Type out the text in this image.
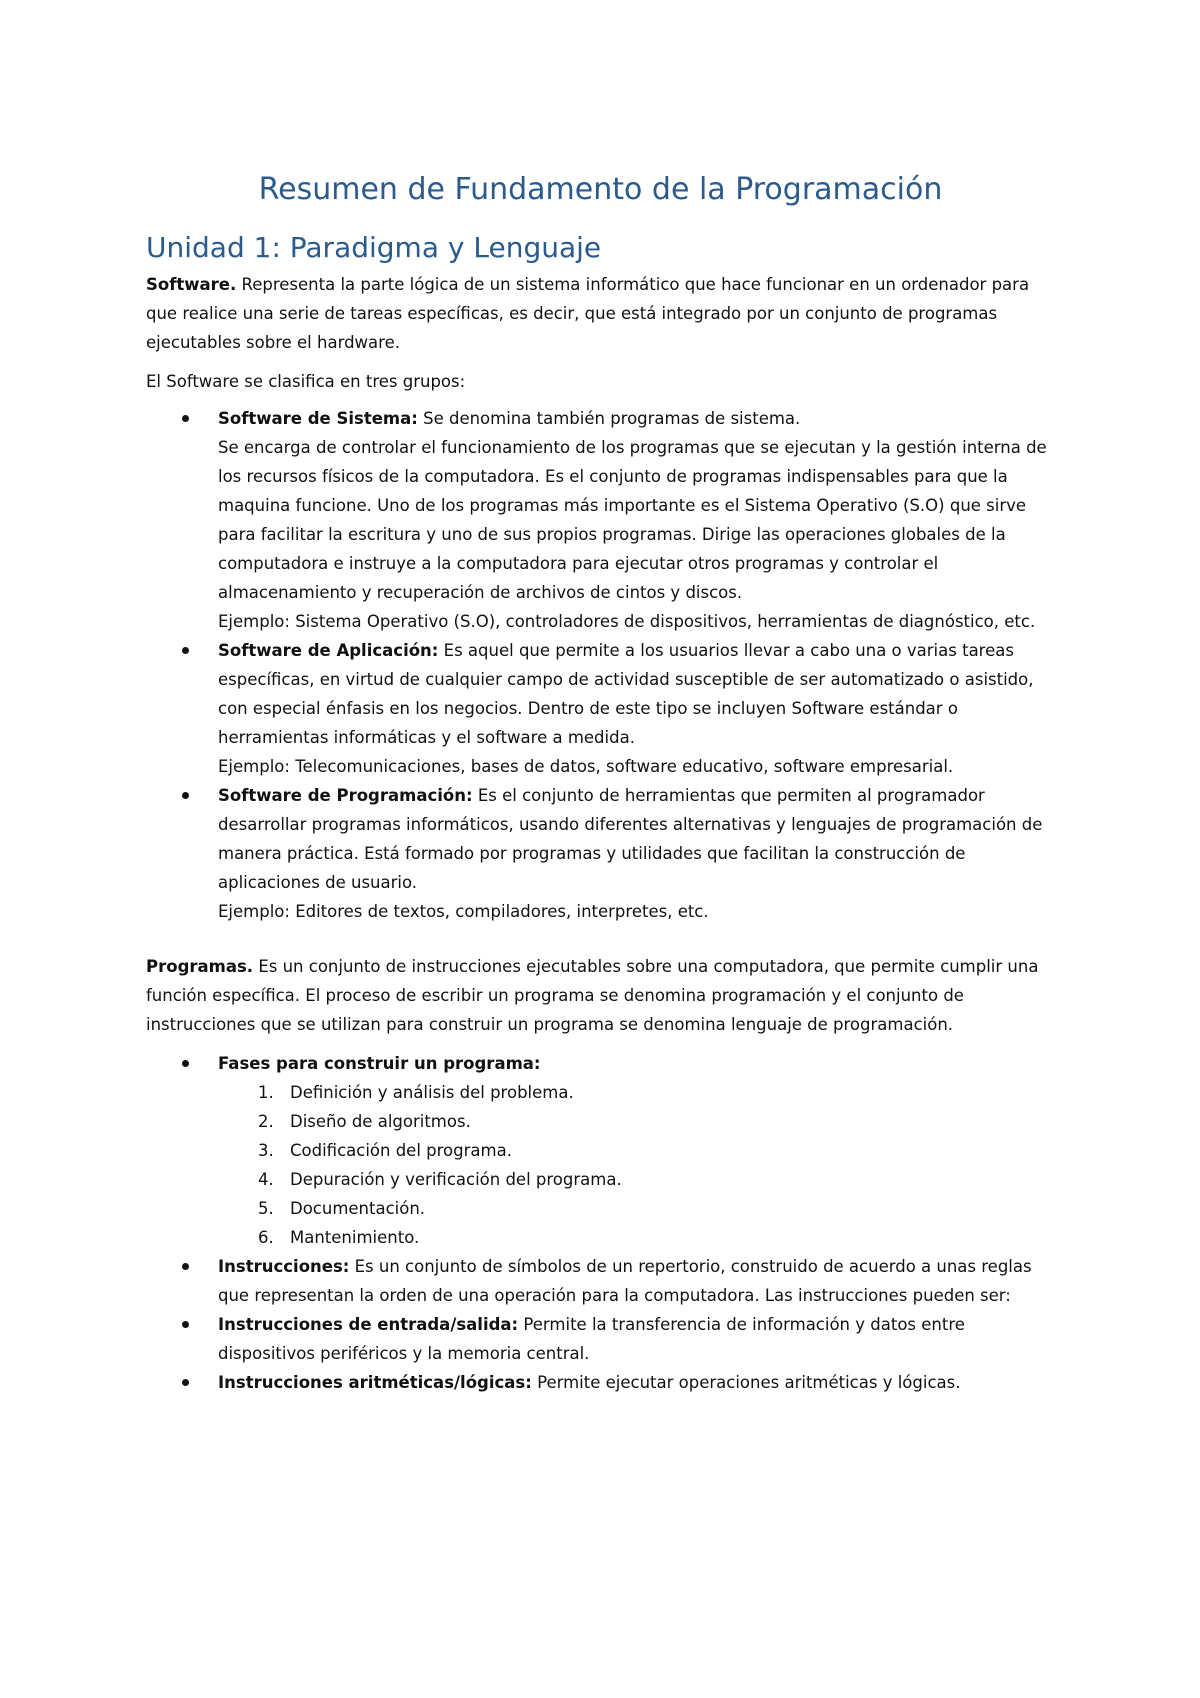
Resumen de Fundamento de la Programación
Unidad 1: Paradigma y Lenguaje

Software. Representa la parte lógica de un sistema informático que hace funcionar en un ordenador para que realice una serie de tareas específicas, es decir, que está integrado por un conjunto de programas ejecutables sobre el hardware.

El Software se clasifica en tres grupos:

Software de Sistema: Se denomina también programas de sistema.
Se encarga de controlar el funcionamiento de los programas que se ejecutan y la gestión interna de los recursos físicos de la computadora. Es el conjunto de programas indispensables para que la maquina funcione. Uno de los programas más importante es el Sistema Operativo (S.O) que sirve para facilitar la escritura y uno de sus propios programas. Dirige las operaciones globales de la computadora e instruye a la computadora para ejecutar otros programas y controlar el almacenamiento y recuperación de archivos de cintos y discos.
Ejemplo: Sistema Operativo (S.O), controladores de dispositivos, herramientas de diagnóstico, etc.
Software de Aplicación: Es aquel que permite a los usuarios llevar a cabo una o varias tareas específicas, en virtud de cualquier campo de actividad susceptible de ser automatizado o asistido, con especial énfasis en los negocios. Dentro de este tipo se incluyen Software estándar o herramientas informáticas y el software a medida.
Ejemplo: Telecomunicaciones, bases de datos, software educativo, software empresarial.
Software de Programación: Es el conjunto de herramientas que permiten al programador desarrollar programas informáticos, usando diferentes alternativas y lenguajes de programación de manera práctica. Está formado por programas y utilidades que facilitan la construcción de aplicaciones de usuario.
Ejemplo: Editores de textos, compiladores, interpretes, etc.

Programas. Es un conjunto de instrucciones ejecutables sobre una computadora, que permite cumplir una función específica. El proceso de escribir un programa se denomina programación y el conjunto de instrucciones que se utilizan para construir un programa se denomina lenguaje de programación.

Fases para construir un programa:
1. Definición y análisis del problema.
2. Diseño de algoritmos.
3. Codificación del programa.
4. Depuración y verificación del programa.
5. Documentación.
6. Mantenimiento.
Instrucciones: Es un conjunto de símbolos de un repertorio, construido de acuerdo a unas reglas que representan la orden de una operación para la computadora. Las instrucciones pueden ser:
Instrucciones de entrada/salida: Permite la transferencia de información y datos entre dispositivos periféricos y la memoria central.
Instrucciones aritméticas/lógicas: Permite ejecutar operaciones aritméticas y lógicas.
